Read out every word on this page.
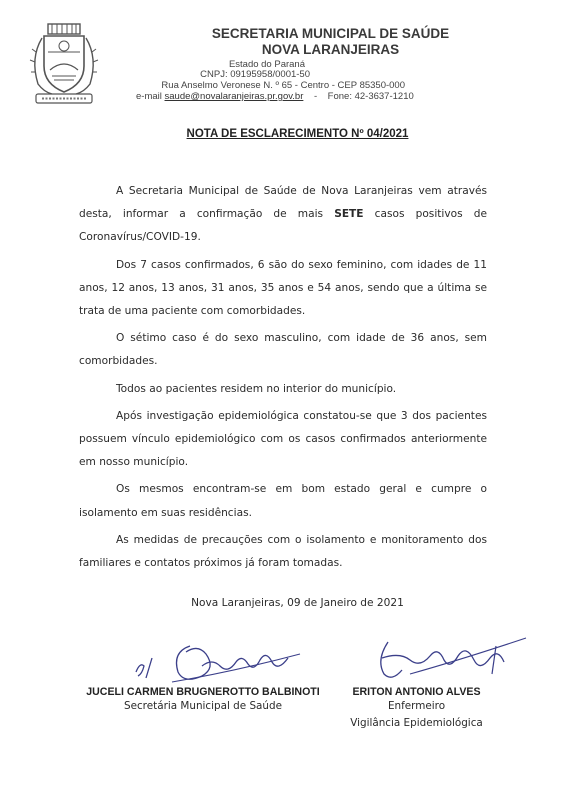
SECRETARIA MUNICIPAL DE SAÚDE
NOVA LARANJEIRAS
Estado do Paraná
CNPJ: 09195958/0001-50
Rua Anselmo Veronese N. º 65 - Centro - CEP 85350-000
e-mail saude@novalaranjeiras.pr.gov.br - Fone: 42-3637-1210
NOTA DE ESCLARECIMENTO Nº 04/2021

A Secretaria Municipal de Saúde de Nova Laranjeiras vem através desta, informar a confirmação de mais SETE casos positivos de Coronavírus/COVID-19.

Dos 7 casos confirmados, 6 são do sexo feminino, com idades de 11 anos, 12 anos, 13 anos, 31 anos, 35 anos e 54 anos, sendo que a última se trata de uma paciente com comorbidades.

O sétimo caso é do sexo masculino, com idade de 36 anos, sem comorbidades.

Todos ao pacientes residem no interior do município.

Após investigação epidemiológica constatou-se que 3 dos pacientes possuem vínculo epidemiológico com os casos confirmados anteriormente em nosso município.

Os mesmos encontram-se em bom estado geral e cumpre o isolamento em suas residências.

As medidas de precauções com o isolamento e monitoramento dos familiares e contatos próximos já foram tomadas.

Nova Laranjeiras, 09 de Janeiro de 2021
JUCELI CARMEN BRUGNEROTTO BALBINOTI
Secretária Municipal de Saúde
ERITON ANTONIO ALVES
Enfermeiro
Vigilância Epidemiológica
